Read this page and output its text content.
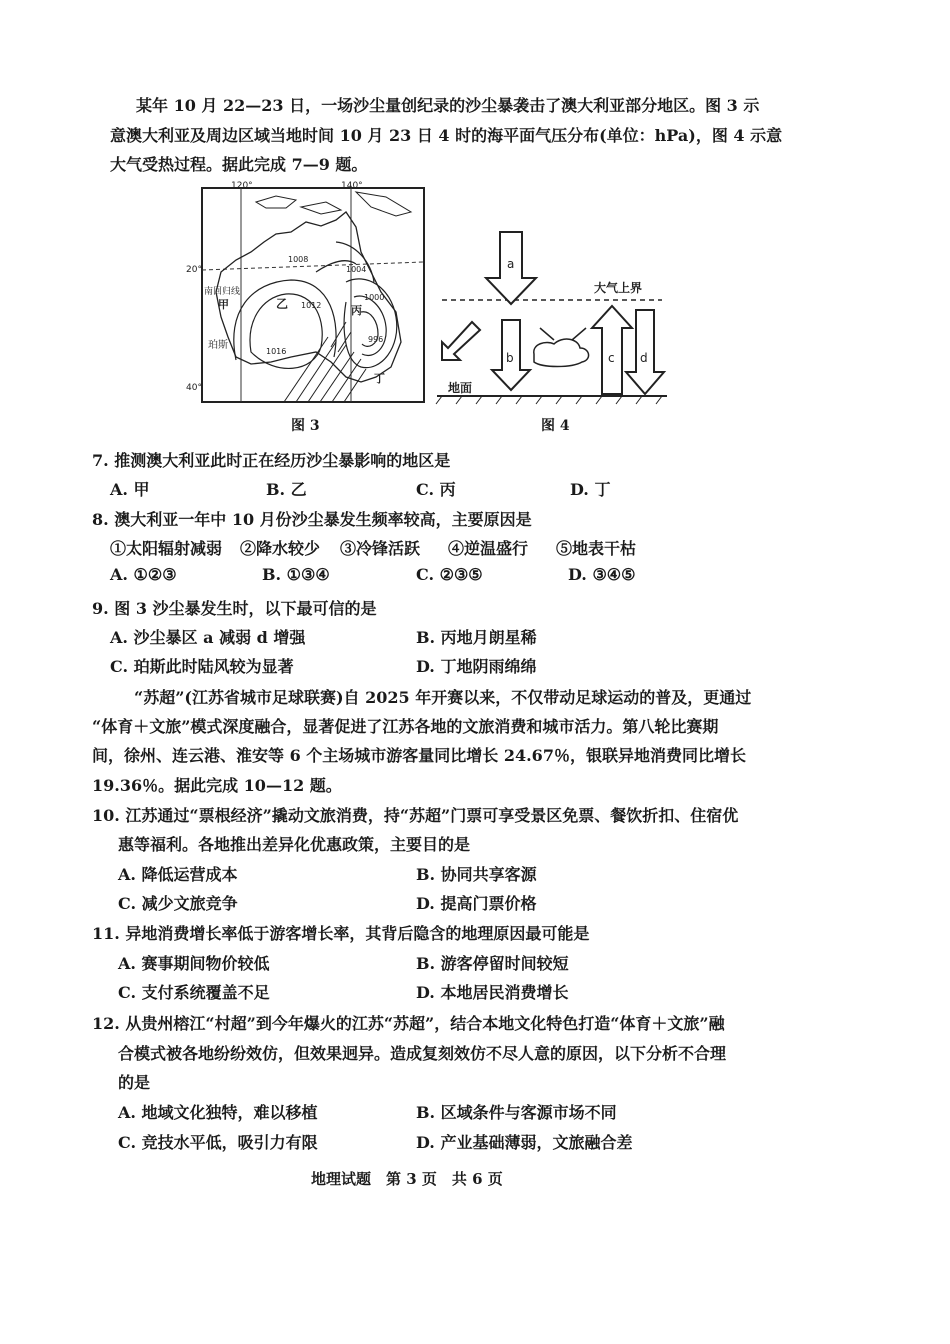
某年 10 月 22—23 日，一场沙尘量创纪录的沙尘暴袭击了澳大利亚部分地区。图 3 示
意澳大利亚及周边区域当地时间 10 月 23 日 4 时的海平面气压分布(单位：hPa)，图 4 示意
大气受热过程。据此完成 7—9 题。
120°	140°
20°
40°
南回归线
甲
珀斯
乙	丙
丁
1008
1004
1012
1000
1016
996
图 3
a
b	c d
大气上界
地面
图 4
7. 推测澳大利亚此时正在经历沙尘暴影响的地区是
A. 甲	B. 乙	C. 丙	D. 丁
8. 澳大利亚一年中 10 月份沙尘暴发生频率较高，主要原因是
①太阳辐射减弱 ②降水较少 ③冷锋活跃 ④逆温盛行 ⑤地表干枯
A. ①②③	B. ①③④	C. ②③⑤	D. ③④⑤
9. 图 3 沙尘暴发生时，以下最可信的是
A. 沙尘暴区 a 减弱 d 增强	B. 丙地月朗星稀
C. 珀斯此时陆风较为显著	D. 丁地阴雨绵绵
“苏超”(江苏省城市足球联赛)自 2025 年开赛以来，不仅带动足球运动的普及，更通过
“体育＋文旅”模式深度融合，显著促进了江苏各地的文旅消费和城市活力。第八轮比赛期
间，徐州、连云港、淮安等 6 个主场城市游客量同比增长 24.67％，银联异地消费同比增长
19.36％。据此完成 10—12 题。
10. 江苏通过“票根经济”撬动文旅消费，持“苏超”门票可享受景区免票、餐饮折扣、住宿优
惠等福利。各地推出差异化优惠政策，主要目的是
A. 降低运营成本	B. 协同共享客源
C. 减少文旅竞争	D. 提高门票价格
11. 异地消费增长率低于游客增长率，其背后隐含的地理原因最可能是
A. 赛事期间物价较低	B. 游客停留时间较短
C. 支付系统覆盖不足	D. 本地居民消费增长
12. 从贵州榕江“村超”到今年爆火的江苏“苏超”，结合本地文化特色打造“体育＋文旅”融
合模式被各地纷纷效仿，但效果迥异。造成复刻效仿不尽人意的原因，以下分析不合理
的是
A. 地域文化独特，难以移植	B. 区域条件与客源市场不同
C. 竞技水平低，吸引力有限	D. 产业基础薄弱，文旅融合差
地理试题　第 3 页　共 6 页
